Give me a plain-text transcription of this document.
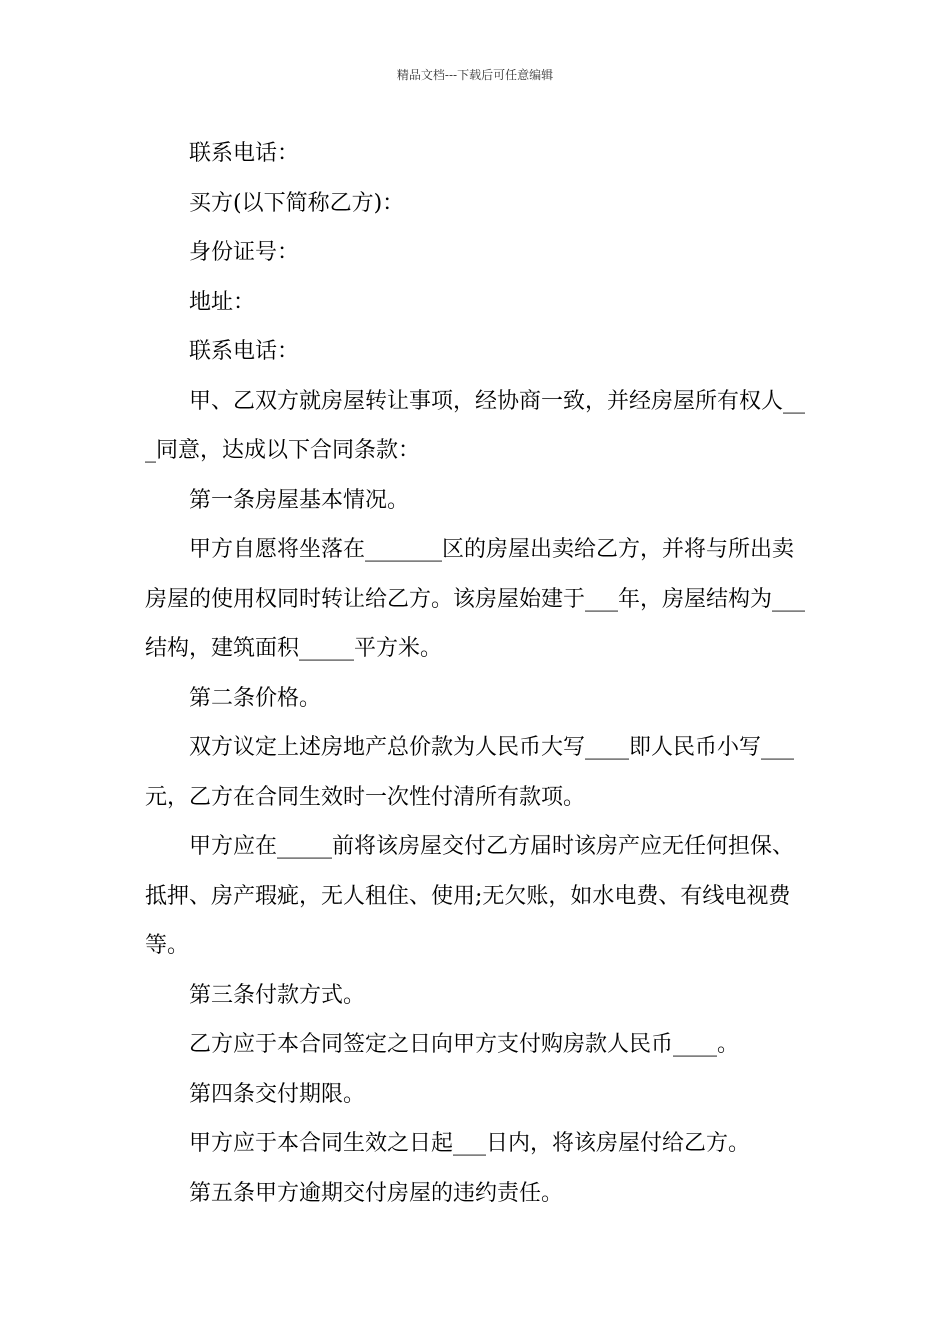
精品文档---下载后可任意编辑

联系电话：

买方(以下简称乙方)：

身份证号：

地址：

联系电话：

甲、乙双方就房屋转让事项，经协商一致，并经房屋所有权人___同意，达成以下合同条款：

第一条房屋基本情况。

甲方自愿将坐落在_______区的房屋出卖给乙方，并将与所出卖房屋的使用权同时转让给乙方。该房屋始建于___年，房屋结构为___结构，建筑面积_____平方米。

第二条价格。

双方议定上述房地产总价款为人民币大写____即人民币小写___元，乙方在合同生效时一次性付清所有款项。

甲方应在_____前将该房屋交付乙方届时该房产应无任何担保、抵押、房产瑕疵，无人租住、使用;无欠账，如水电费、有线电视费等。

第三条付款方式。

乙方应于本合同签定之日向甲方支付购房款人民币____。

第四条交付期限。

甲方应于本合同生效之日起___日内，将该房屋付给乙方。

第五条甲方逾期交付房屋的违约责任。
